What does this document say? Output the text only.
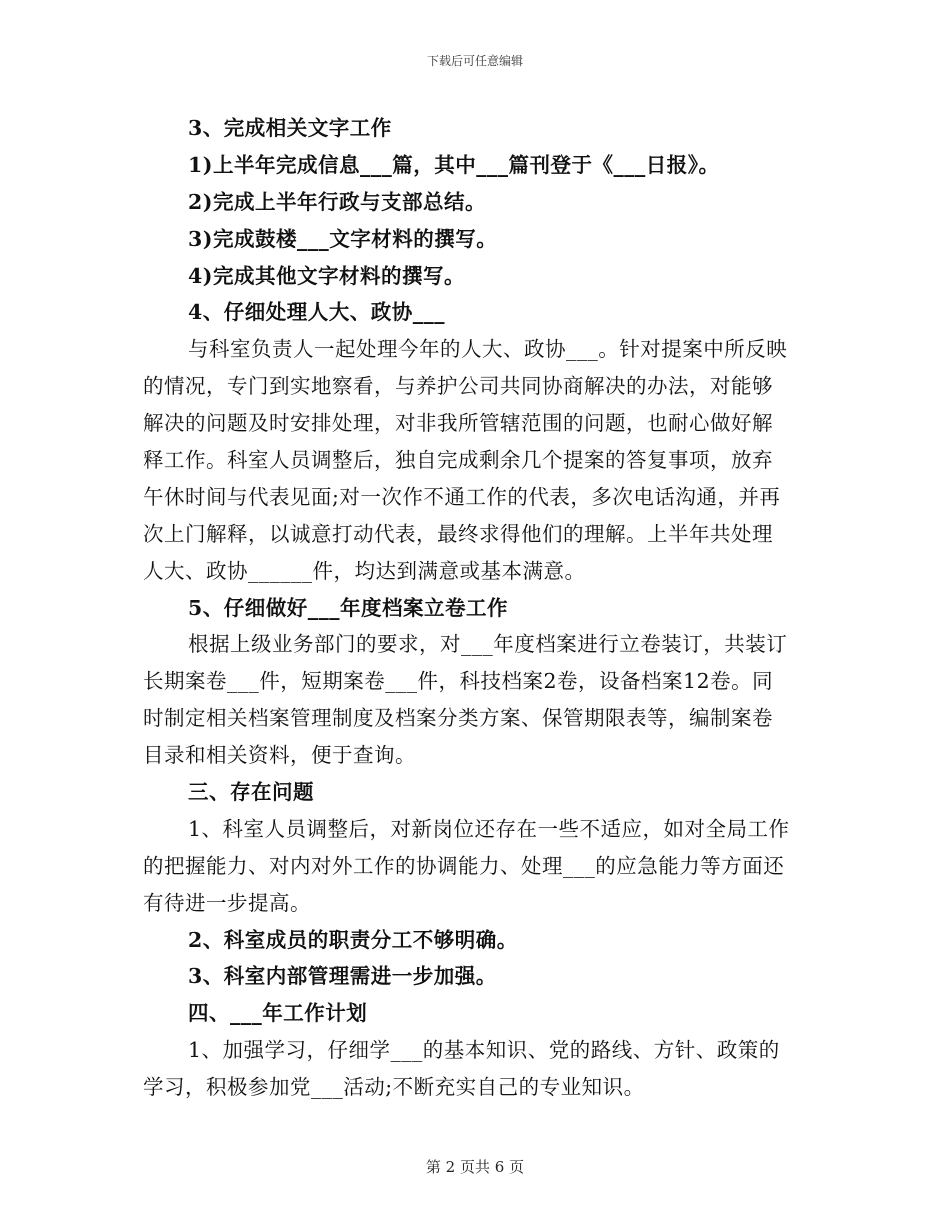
下载后可任意编辑
3、完成相关文字工作
1)上半年完成信息___篇，其中___篇刊登于《___日报》。
2)完成上半年行政与支部总结。
3)完成鼓楼___文字材料的撰写。
4)完成其他文字材料的撰写。
4、仔细处理人大、政协___
与科室负责人一起处理今年的人大、政协___。针对提案中所反映
的情况，专门到实地察看，与养护公司共同协商解决的办法，对能够
解决的问题及时安排处理，对非我所管辖范围的问题，也耐心做好解
释工作。科室人员调整后，独自完成剩余几个提案的答复事项，放弃
午休时间与代表见面;对一次作不通工作的代表，多次电话沟通，并再
次上门解释，以诚意打动代表，最终求得他们的理解。上半年共处理
人大、政协______件，均达到满意或基本满意。
5、仔细做好___年度档案立卷工作
根据上级业务部门的要求，对___年度档案进行立卷装订，共装订
长期案卷___件，短期案卷___件，科技档案2卷，设备档案12卷。同
时制定相关档案管理制度及档案分类方案、保管期限表等，编制案卷
目录和相关资料，便于查询。
三、存在问题
1、科室人员调整后，对新岗位还存在一些不适应，如对全局工作
的把握能力、对内对外工作的协调能力、处理___的应急能力等方面还
有待进一步提高。
2、科室成员的职责分工不够明确。
3、科室内部管理需进一步加强。
四、___年工作计划
1、加强学习，仔细学___的基本知识、党的路线、方针、政策的
学习，积极参加党___活动;不断充实自己的专业知识。
第 2 页共 6 页
